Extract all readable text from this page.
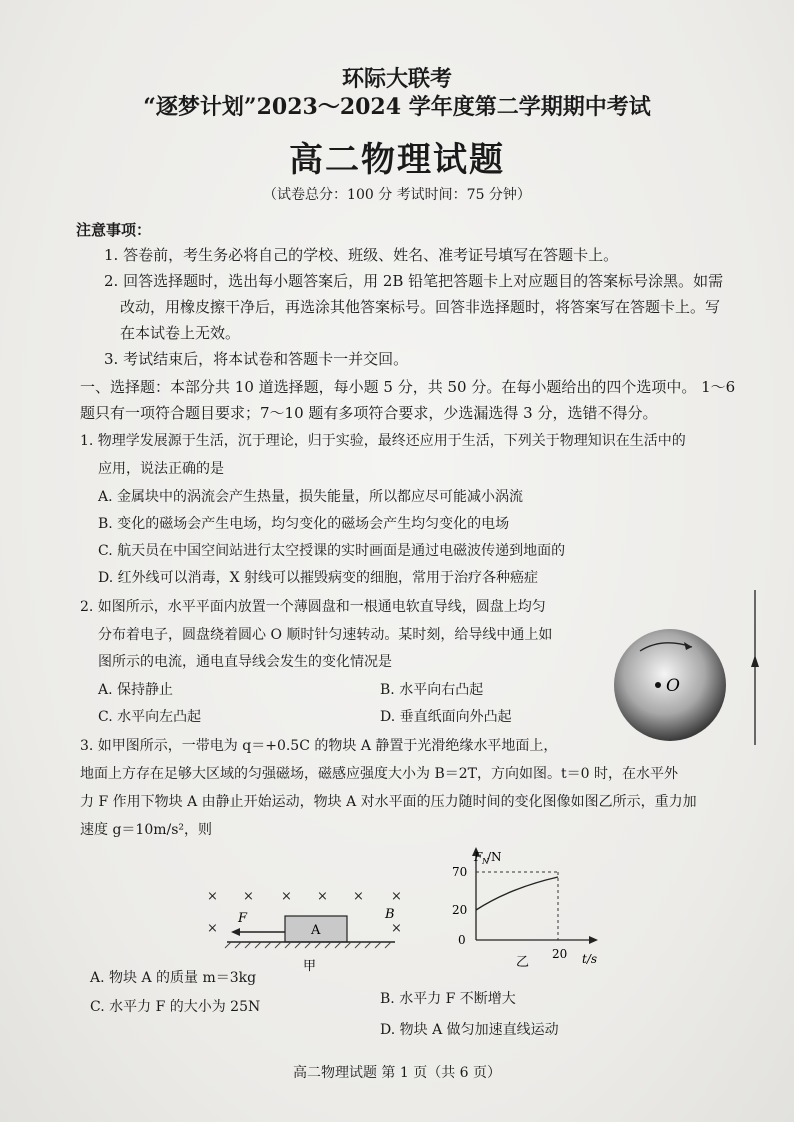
环际大联考
“逐梦计划”2023～2024 学年度第二学期期中考试
高二物理试题
（试卷总分：100 分 考试时间：75 分钟）
注意事项：
1. 答卷前，考生务必将自己的学校、班级、姓名、准考证号填写在答题卡上。
2. 回答选择题时，选出每小题答案后，用 2B 铅笔把答题卡上对应题目的答案标号涂黑。如需
改动，用橡皮擦干净后，再选涂其他答案标号。回答非选择题时，将答案写在答题卡上。写
在本试卷上无效。
3. 考试结束后，将本试卷和答题卡一并交回。
一、选择题：本部分共 10 道选择题，每小题 5 分，共 50 分。在每小题给出的四个选项中。 1～6
题只有一项符合题目要求；7～10 题有多项符合要求，少选漏选得 3 分，选错不得分。
1. 物理学发展源于生活，沉于理论，归于实验，最终还应用于生活，下列关于物理知识在生活中的
应用，说法正确的是
A. 金属块中的涡流会产生热量，损失能量，所以都应尽可能减小涡流
B. 变化的磁场会产生电场，均匀变化的磁场会产生均匀变化的电场
C. 航天员在中国空间站进行太空授课的实时画面是通过电磁波传递到地面的
D. 红外线可以消毒，X 射线可以摧毁病变的细胞，常用于治疗各种癌症
2. 如图所示，水平平面内放置一个薄圆盘和一根通电软直导线，圆盘上均匀
分布着电子，圆盘绕着圆心 O 顺时针匀速转动。某时刻，给导线中通上如
图所示的电流，通电直导线会发生的变化情况是
A. 保持静止	B. 水平向右凸起
C. 水平向左凸起	D. 垂直纸面向外凸起
O
3. 如甲图所示，一带电为 q＝+0.5C 的物块 A 静置于光滑绝缘水平地面上，
地面上方存在足够大区域的匀强磁场，磁感应强度大小为 B＝2T，方向如图。t＝0 时，在水平外
力 F 作用下物块 A 由静止开始运动，物块 A 对水平面的压力随时间的变化图像如图乙所示，重力加
速度 g＝10m/s²，则
× × × × × ×
×	×
B
F
A
甲
F N
/N
70
20
0
20 t/s
乙
A. 物块 A 的质量 m＝3kg
B. 水平力 F 不断增大
C. 水平力 F 的大小为 25N
D. 物块 A 做匀加速直线运动
高二物理试题 第 1 页（共 6 页）
